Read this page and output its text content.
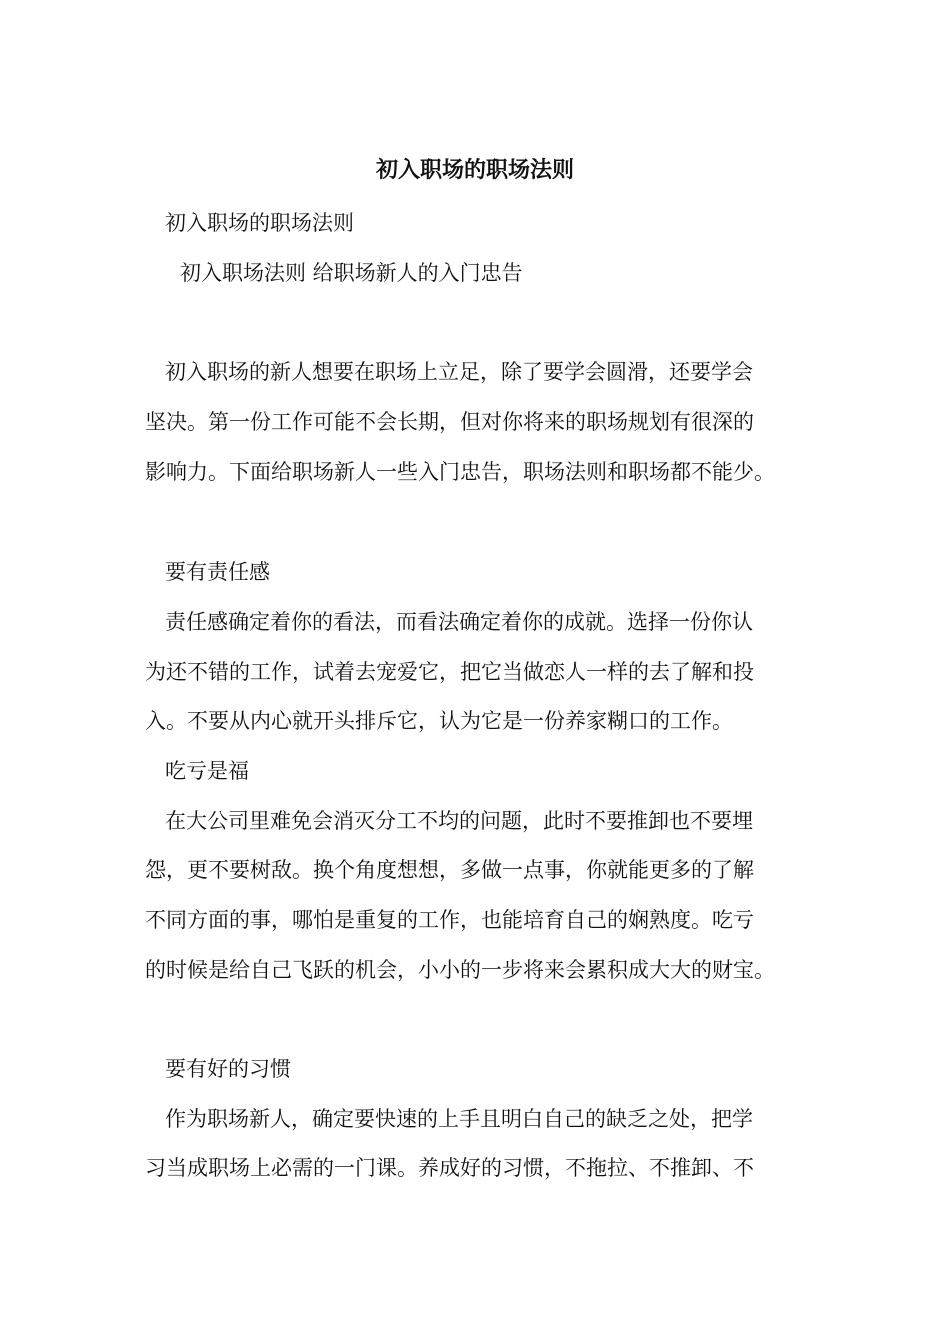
初入职场的职场法则

初入职场的职场法则

初入职场法则 给职场新人的入门忠告

初入职场的新人想要在职场上立足，除了要学会圆滑，还要学会

坚决。第一份工作可能不会长期，但对你将来的职场规划有很深的

影响力。下面给职场新人一些入门忠告，职场法则和职场都不能少。

要有责任感

责任感确定着你的看法，而看法确定着你的成就。选择一份你认

为还不错的工作，试着去宠爱它，把它当做恋人一样的去了解和投

入。不要从内心就开头排斥它，认为它是一份养家糊口的工作。

吃亏是福

在大公司里难免会消灭分工不均的问题，此时不要推卸也不要埋

怨，更不要树敌。换个角度想想，多做一点事，你就能更多的了解

不同方面的事，哪怕是重复的工作，也能培育自己的娴熟度。吃亏

的时候是给自己飞跃的机会，小小的一步将来会累积成大大的财宝。

要有好的习惯

作为职场新人，确定要快速的上手且明白自己的缺乏之处，把学

习当成职场上必需的一门课。养成好的习惯，不拖拉、不推卸、不
